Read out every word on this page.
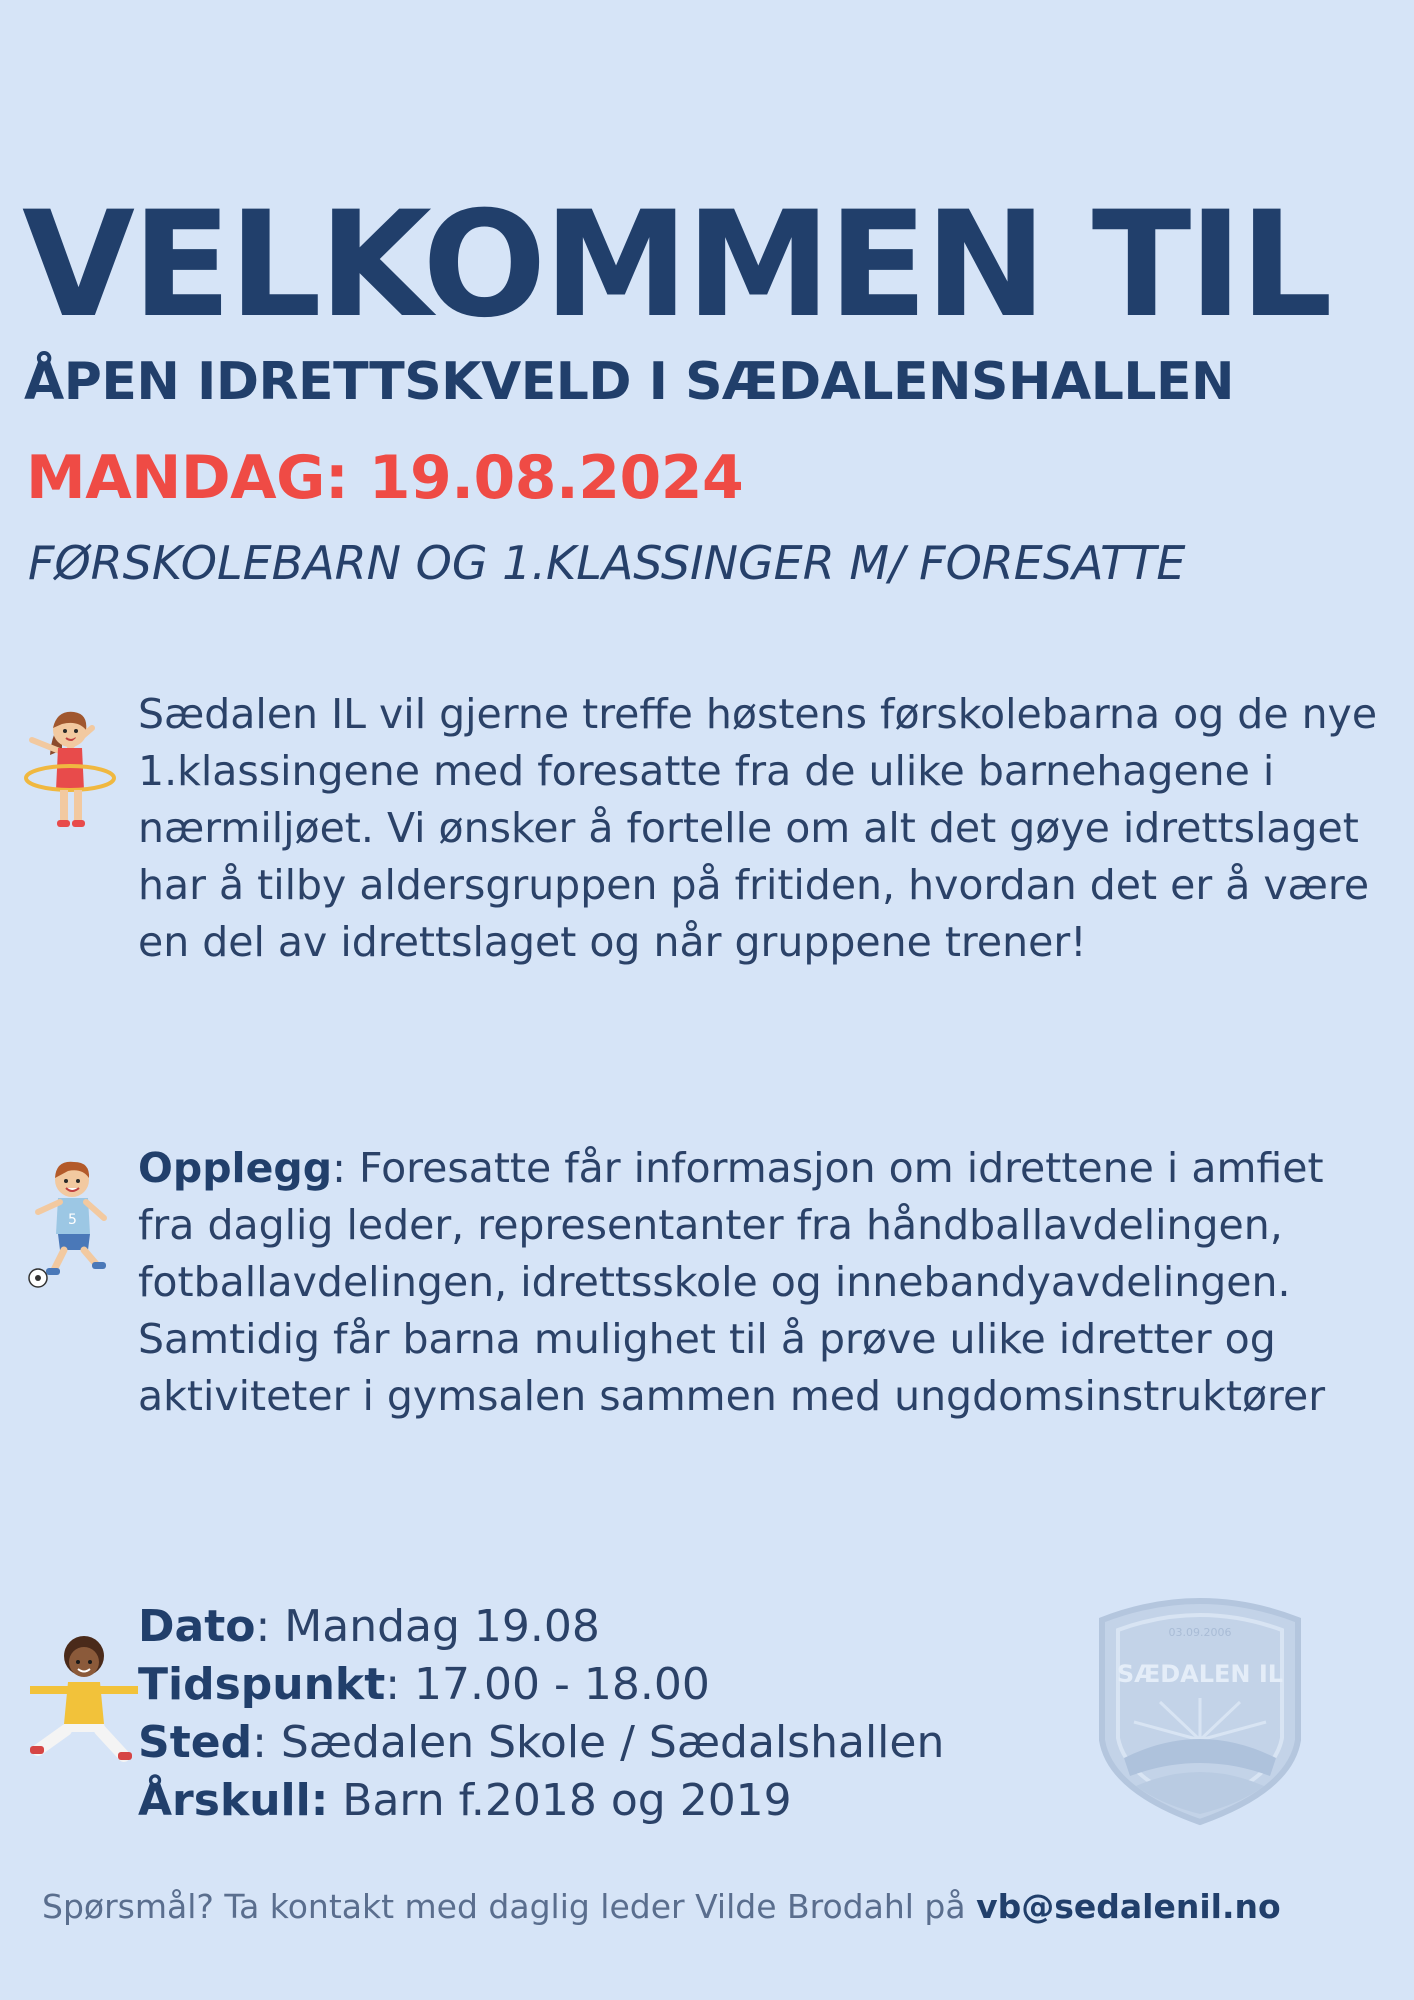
VELKOMMEN TIL
ÅPEN IDRETTSKVELD I SÆDALENSHALLEN
MANDAG: 19.08.2024

FØRSKOLEBARN OG 1.KLASSINGER M/ FORESATTE

Sædalen IL vil gjerne treffe høstens førskolebarna og de nye 1.klassingene med foresatte fra de ulike barnehagene i nærmiljøet. Vi ønsker å fortelle om alt det gøye idrettslaget har å tilby aldersgruppen på fritiden, hvordan det er å være en del av idrettslaget og når gruppene trener!

5

Opplegg: Foresatte får informasjon om idrettene i amfiet fra daglig leder, representanter fra håndballavdelingen, fotballavdelingen, idrettsskole og innebandyavdelingen. Samtidig får barna mulighet til å prøve ulike idretter og aktiviteter i gymsalen sammen med ungdomsinstruktører

Dato: Mandag 19.08
Tidspunkt: 17.00 - 18.00
Sted: Sædalen Skole / Sædalshallen
Årskull: Barn f.2018 og 2019
03.09.2006
SÆDALEN IL

Spørsmål? Ta kontakt med daglig leder Vilde Brodahl på vb@sedalenil.no
